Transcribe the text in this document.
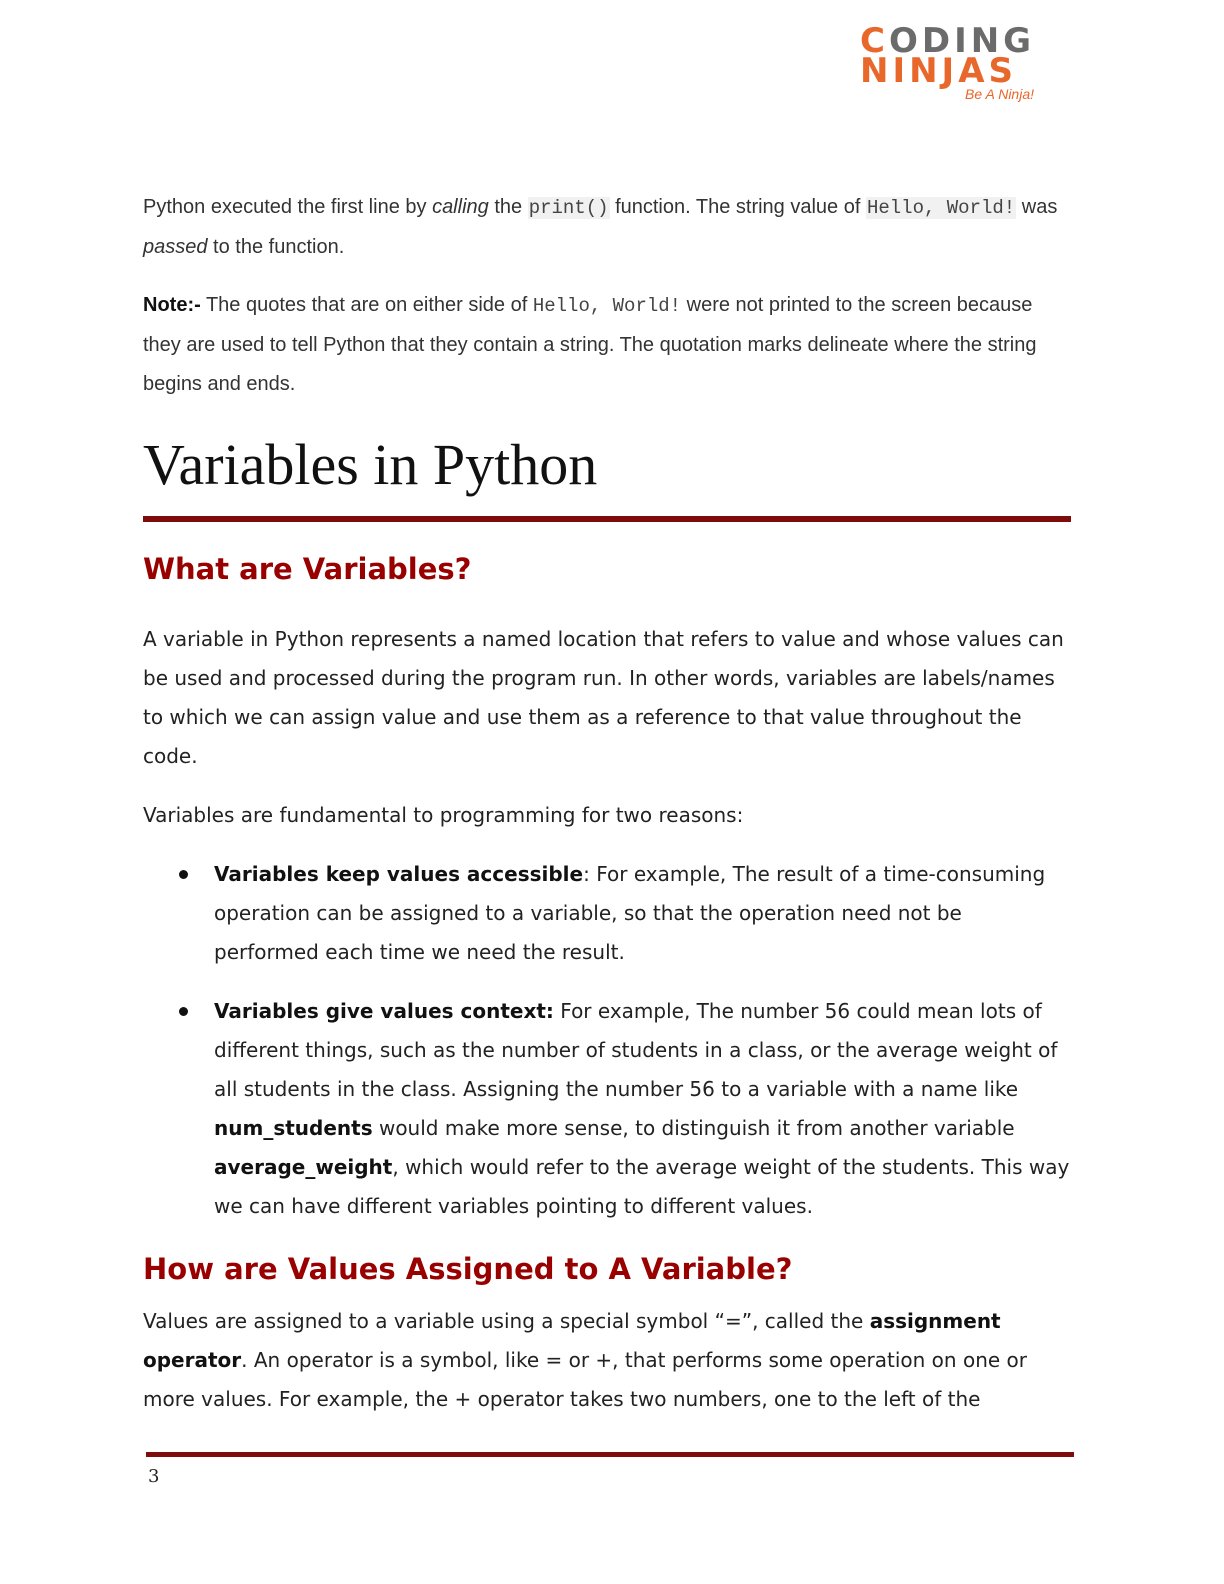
CODING
NINJAS
Be A Ninja!

Python executed the first line by calling the print() function. The string value of Hello, World! was passed to the function.

Note:- The quotes that are on either side of Hello, World! were not printed to the screen because they are used to tell Python that they contain a string. The quotation marks delineate where the string begins and ends.

Variables in Python
What are Variables?

A variable in Python represents a named location that refers to value and whose values can be used and processed during the program run. In other words, variables are labels/names to which we can assign value and use them as a reference to that value throughout the code.

Variables are fundamental to programming for two reasons:

Variables keep values accessible: For example, The result of a time-consuming operation can be assigned to a variable, so that the operation need not be performed each time we need the result.
Variables give values context: For example, The number 56 could mean lots of different things, such as the number of students in a class, or the average weight of all students in the class. Assigning the number 56 to a variable with a name like num_students would make more sense, to distinguish it from another variable average_weight, which would refer to the average weight of the students. This way we can have different variables pointing to different values.
How are Values Assigned to A Variable?

Values are assigned to a variable using a special symbol “=”, called the assignment operator. An operator is a symbol, like = or +, that performs some operation on one or more values. For example, the + operator takes two numbers, one to the left of the

3
